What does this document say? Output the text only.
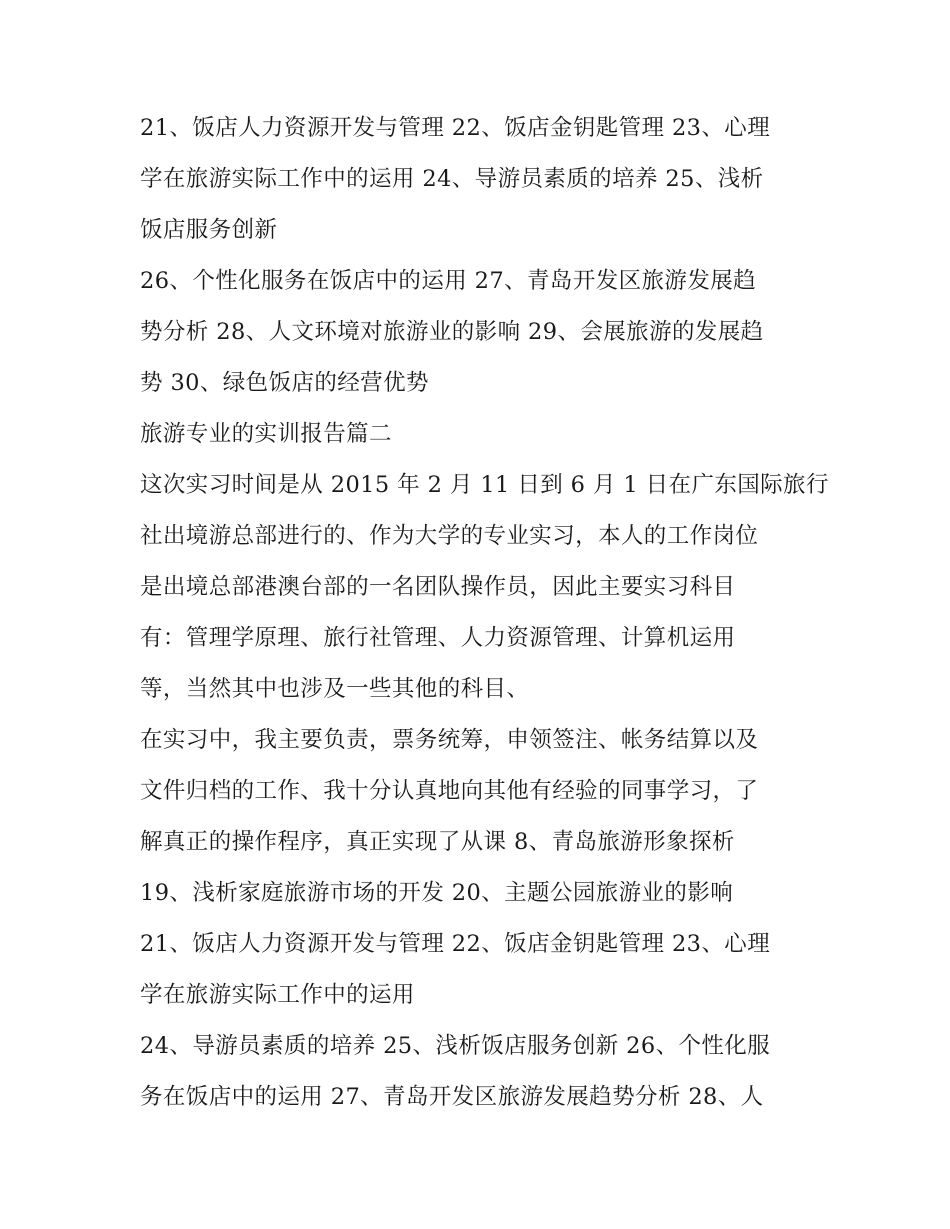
21、饭店人力资源开发与管理 22、饭店金钥匙管理 23、心理
学在旅游实际工作中的运用 24、导游员素质的培养 25、浅析
饭店服务创新
26、个性化服务在饭店中的运用 27、青岛开发区旅游发展趋
势分析 28、人文环境对旅游业的影响 29、会展旅游的发展趋
势 30、绿色饭店的经营优势
旅游专业的实训报告篇二
这次实习时间是从 2015 年 2 月 11 日到 6 月 1 日在广东国际旅行
社出境游总部进行的、作为大学的专业实习，本人的工作岗位
是出境总部港澳台部的一名团队操作员，因此主要实习科目
有：管理学原理、旅行社管理、人力资源管理、计算机运用
等，当然其中也涉及一些其他的科目、
在实习中，我主要负责，票务统筹，申领签注、帐务结算以及
文件归档的工作、我十分认真地向其他有经验的同事学习，了
解真正的操作程序，真正实现了从课 8、青岛旅游形象探析
19、浅析家庭旅游市场的开发 20、主题公园旅游业的影响
21、饭店人力资源开发与管理 22、饭店金钥匙管理 23、心理
学在旅游实际工作中的运用
24、导游员素质的培养 25、浅析饭店服务创新 26、个性化服
务在饭店中的运用 27、青岛开发区旅游发展趋势分析 28、人
